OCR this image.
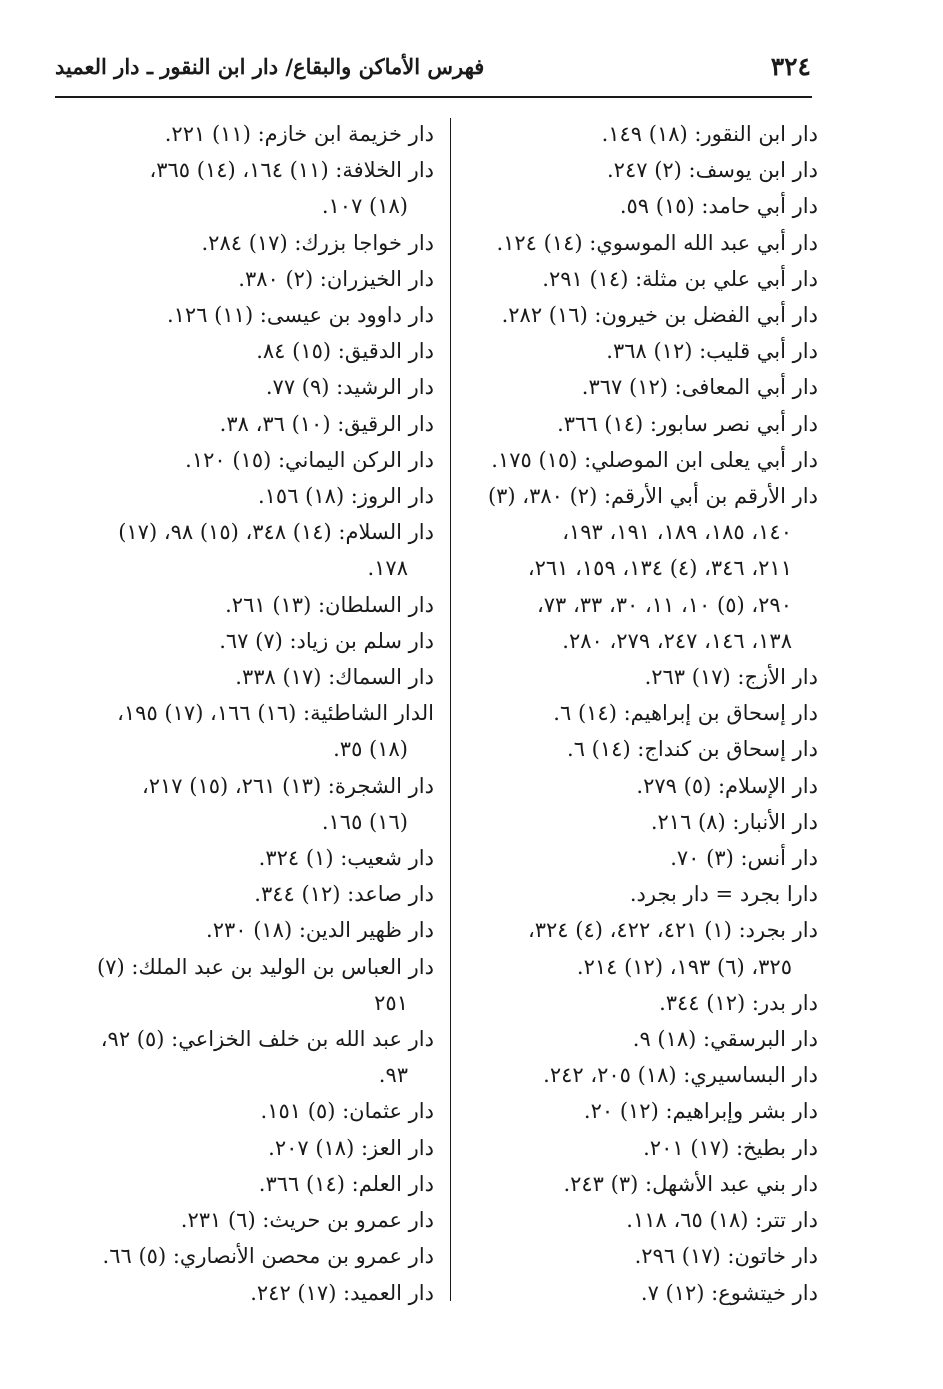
٣٢٤
فهرس الأماكن والبقاع/ دار ابن النقور ـ دار العميد
دار ابن النقور: (١٨) ١٤٩.
دار ابن يوسف: (٢) ٢٤٧.
دار أبي حامد: (١٥) ٥٩.
دار أبي عبد الله الموسوي: (١٤) ١٢٤.
دار أبي علي بن مثلة: (١٤) ٢٩١.
دار أبي الفضل بن خيرون: (١٦) ٢٨٢.
دار أبي قليب: (١٢) ٣٦٨.
دار أبي المعافى: (١٢) ٣٦٧.
دار أبي نصر سابور: (١٤) ٣٦٦.
دار أبي يعلى ابن الموصلي: (١٥) ١٧٥.
دار الأرقم بن أبي الأرقم: (٢) ٣٨٠، (٣)
١٤٠، ١٨٥، ١٨٩، ١٩١، ١٩٣،
٢١١، ٣٤٦، (٤) ١٣٤، ١٥٩، ٢٦١،
٢٩٠، (٥) ١٠، ١١، ٣٠، ٣٣، ٧٣،
١٣٨، ١٤٦، ٢٤٧، ٢٧٩، ٢٨٠.
دار الأزج: (١٧) ٢٦٣.
دار إسحاق بن إبراهيم: (١٤) ٦.
دار إسحاق بن كنداج: (١٤) ٦.
دار الإسلام: (٥) ٢٧٩.
دار الأنبار: (٨) ٢١٦.
دار أنس: (٣) ٧٠.
دارا بجرد = دار بجرد.
دار بجرد: (١) ٤٢١، ٤٢٢، (٤) ٣٢٤،
٣٢٥، (٦) ١٩٣، (١٢) ٢١٤.
دار بدر: (١٢) ٣٤٤.
دار البرسقي: (١٨) ٩.
دار البساسيري: (١٨) ٢٠٥، ٢٤٢.
دار بشر وإبراهيم: (١٢) ٢٠.
دار بطيخ: (١٧) ٢٠١.
دار بني عبد الأشهل: (٣) ٢٤٣.
دار تتر: (١٨) ٦٥، ١١٨.
دار خاتون: (١٧) ٢٩٦.
دار خيتشوع: (١٢) ٧.
دار خزيمة ابن خازم: (١١) ٢٢١.
دار الخلافة: (١١) ١٦٤، (١٤) ٣٦٥،
(١٨) ١٠٧.
دار خواجا بزرك: (١٧) ٢٨٤.
دار الخيزران: (٢) ٣٨٠.
دار داوود بن عيسى: (١١) ١٢٦.
دار الدقيق: (١٥) ٨٤.
دار الرشيد: (٩) ٧٧.
دار الرقيق: (١٠) ٣٦، ٣٨.
دار الركن اليماني: (١٥) ١٢٠.
دار الروز: (١٨) ١٥٦.
دار السلام: (١٤) ٣٤٨، (١٥) ٩٨، (١٧)
١٧٨.
دار السلطان: (١٣) ٢٦١.
دار سلم بن زياد: (٧) ٦٧.
دار السماك: (١٧) ٣٣٨.
الدار الشاطئية: (١٦) ١٦٦، (١٧) ١٩٥،
(١٨) ٣٥.
دار الشجرة: (١٣) ٢٦١، (١٥) ٢١٧،
(١٦) ١٦٥.
دار شعيب: (١) ٣٢٤.
دار صاعد: (١٢) ٣٤٤.
دار ظهير الدين: (١٨) ٢٣٠.
دار العباس بن الوليد بن عبد الملك: (٧)
٢٥١
دار عبد الله بن خلف الخزاعي: (٥) ٩٢،
٩٣.
دار عثمان: (٥) ١٥١.
دار العز: (١٨) ٢٠٧.
دار العلم: (١٤) ٣٦٦.
دار عمرو بن حريث: (٦) ٢٣١.
دار عمرو بن محصن الأنصاري: (٥) ٦٦.
دار العميد: (١٧) ٢٤٢.
